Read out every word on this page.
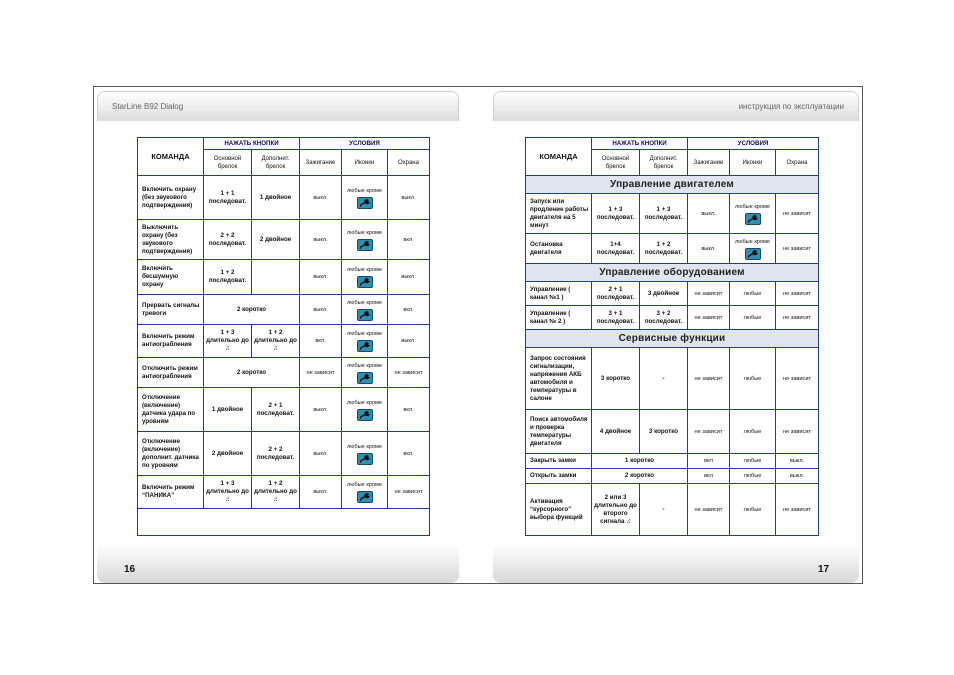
StarLine B92 Dialog	инструкция по эксплуатации
16	17
КОМАНДА	НАЖАТЬ КНОПКИ		УСЛОВИЯ		
	Основной брелок	Дополнит. брелок	Зажигание	Иконки	Охрана
Включить охрану (без звукового подтверждения)	1 + 1 последоват.	1 двойное	выкл.	любые кроме	выкл.
Выключить охрану (без звукового подтверждения)	2 + 2 последоват.	2 двойное	выкл.	любые кроме	вкл.
Включить бесшумную охрану	1 + 2 последоват.		выкл.	любые кроме	выкл.
Прервать сигналы тревоги	2 коротко		выкл.	любые кроме	вкл.
Включить режим антиограбления	1 + 3 длительно до ♫	1 + 2 длительно до ♫	вкл.	любые кроме	выкл.
Отключить режим антиограбления	2 коротко		не зависит	любые кроме	не зависит
Отключение (включение) датчика удара по уровням	1 двойное	2 + 1 последоват.	выкл.	любые кроме	вкл.
Отключение (включение) дополнит. датчика по уровням	2 двойное	2 + 2 последоват.	выкл.	любые кроме	вкл.
Включить режим “ПАНИКА”	1 + 3 длительно до ♫	1 + 2 длительно до ♫	выкл.	любые кроме	не зависит

КОМАНДА	НАЖАТЬ КНОПКИ		УСЛОВИЯ		
	Основной брелок	Дополнит. брелок	Зажигание	Иконки	Охрана
Управление двигателем					
Запуск или продление работы двигателя на 5 минут	1 + 3 последоват.	1 + 3 последоват.	выкл.	любые кроме	не зависит
Остановка двигателя	1+4 последоват.	1 + 2 последоват.	выкл.	любые кроме	не зависит
Управление оборудованием					
Управление ( канал №1 )	2 + 1 последоват.	3 двойное	не зависит	любые	не зависит
Управление ( канал № 2 )	3 + 1 последоват.	3 + 2 последоват.	не зависит	любые	не зависит
Сервисные функции					
Запрос состояния сигнализации, напряжения АКБ автомобиля и температуры в салоне	3 коротко	-	не зависит	любые	не зависит
Поиск автомобиля и проверка температуры двигателя	4 двойное	3 коротко	не зависит	любые	не зависит
Закрыть замки	1 коротко		вкл	любые	выкл.
Открыть замки	2 коротко		вкл	любые	выкл.
Активация “курсорного” выбора функций	2 или 3 длительно до второго сигнала ♫	-	не зависит	любые	не зависит
